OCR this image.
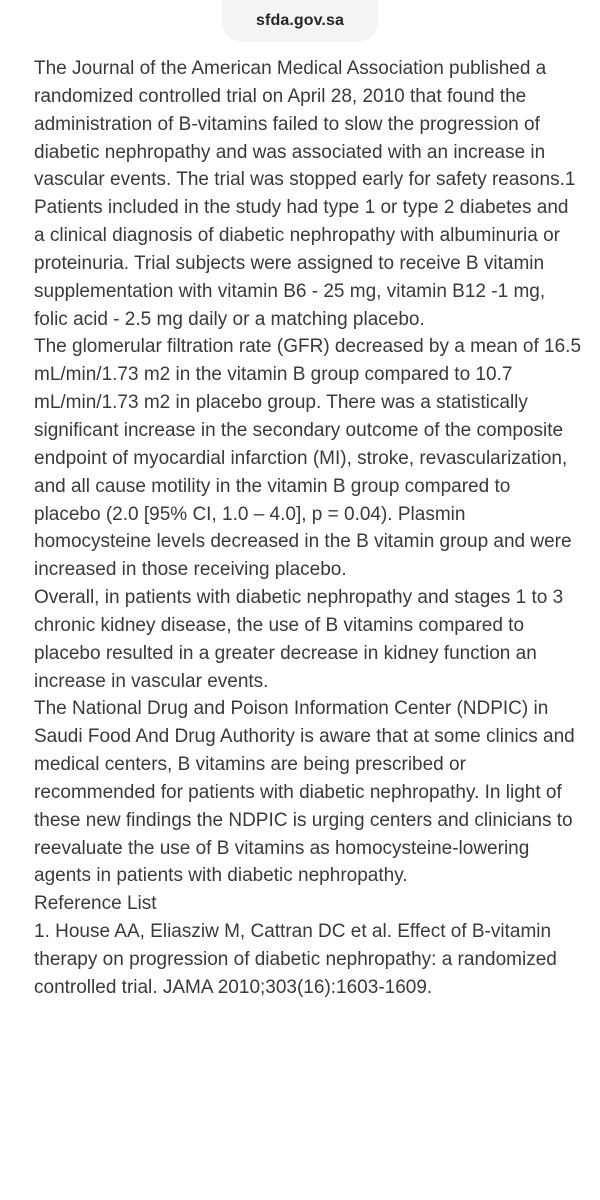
sfda.gov.sa

The Journal of the American Medical Association published a randomized controlled trial on April 28, 2010 that found the administration of B-vitamins failed to slow the progression of diabetic nephropathy and was associated with an increase in vascular events. The trial was stopped early for safety reasons.1

Patients included in the study had type 1 or type 2 diabetes and a clinical diagnosis of diabetic nephropathy with albuminuria or proteinuria. Trial subjects were assigned to receive B vitamin supplementation with vitamin B6 - 25 mg, vitamin B12 -1 mg, folic acid - 2.5 mg daily or a matching placebo.

The glomerular filtration rate (GFR) decreased by a mean of 16.5 mL/min/1.73 m2 in the vitamin B group compared to 10.7 mL/min/1.73 m2 in placebo group. There was a statistically significant increase in the secondary outcome of the composite endpoint of myocardial infarction (MI), stroke, revascularization, and all cause motility in the vitamin B group compared to placebo (2.0 [95% CI, 1.0 – 4.0], p = 0.04). Plasmin homocysteine levels decreased in the B vitamin group and were increased in those receiving placebo.

Overall, in patients with diabetic nephropathy and stages 1 to 3 chronic kidney disease, the use of B vitamins compared to placebo resulted in a greater decrease in kidney function an increase in vascular events.

The National Drug and Poison Information Center (NDPIC) in Saudi Food And Drug Authority is aware that at some clinics and medical centers, B vitamins are being prescribed or recommended for patients with diabetic nephropathy. In light of these new findings the NDPIC is urging centers and clinicians to reevaluate the use of B vitamins as homocysteine-lowering agents in patients with diabetic nephropathy.

Reference List

1. House AA, Eliasziw M, Cattran DC et al. Effect of B-vitamin therapy on progression of diabetic nephropathy: a randomized controlled trial. JAMA 2010;303(16):1603-1609.
